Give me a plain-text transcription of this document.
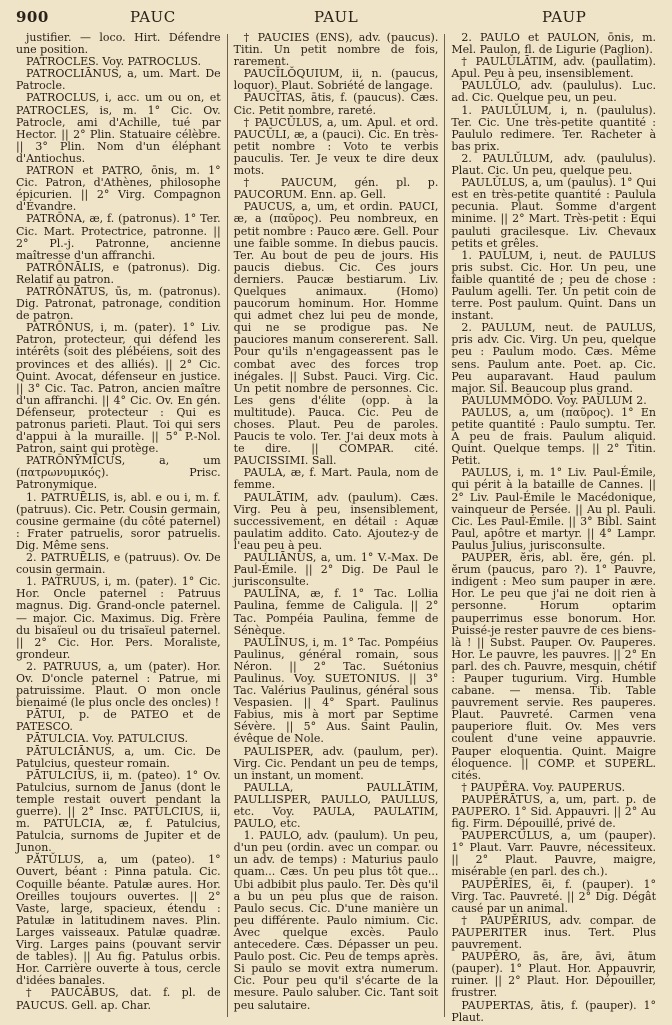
900	PAUC	PAUL	PAUP

justifier. — loco. Hirt. Défendre une position.

PATROCLES. Voy. PATROCLUS.

PATROCLIĀNUS, a, um. Mart. De Patrocle.

PATROCLUS, i, acc. um ou on, et PATROCLES, is, m. 1° Cic. Ov. Patrocle, ami d'Achille, tué par Hector. || 2° Plin. Statuaire célèbre. || 3° Plin. Nom d'un éléphant d'Antiochus.

PATRON et PATRO, ōnis, m. 1° Cic. Patron, d'Athènes, philosophe épicurien. || 2° Virg. Compagnon d'Évandre.

PATRŌNA, æ, f. (patronus). 1° Ter. Cic. Mart. Protectrice, patronne. || 2° Pl.-j. Patronne, ancienne maîtresse d'un affranchi.

PATRŌNĀLIS, e (patronus). Dig. Relatif au patron.

PATRŌNĀTUS, ūs, m. (patronus). Dig. Patronat, patronage, condition de patron.

PATRŌNUS, i, m. (pater). 1° Liv. Patron, protecteur, qui défend les intérêts (soit des plébéiens, soit des provinces et des alliés). || 2° Cic. Quint. Avocat, défenseur en justice. || 3° Cic. Tac. Patron, ancien maître d'un affranchi. || 4° Cic. Ov. En gén. Défenseur, protecteur : Qui es patronus parieti. Plaut. Toi qui sers d'appui à la muraille. || 5° P.-Nol. Patron, saint qui protège.

PATRŌNȲMĬCUS, a, um (πατρωνυμικός). Prisc. Patronymique.

1. PATRUĒLIS, is, abl. e ou i, m. f. (patruus). Cic. Petr. Cousin germain, cousine germaine (du côté paternel) : Frater patruelis, soror patruelis. Dig. Même sens.

2. PATRUĒLIS, e (patruus). Ov. De cousin germain.

1. PATRUUS, i, m. (pater). 1° Cic. Hor. Oncle paternel : Patruus magnus. Dig. Grand-oncle paternel. — major. Cic. Maximus. Dig. Frère du bisaïeul ou du trisaïeul paternel. || 2° Cic. Hor. Pers. Moraliste, grondeur.

2. PATRUUS, a, um (pater). Hor. Ov. D'oncle paternel : Patrue, mi patruissime. Plaut. O mon oncle bienaimé (le plus oncle des oncles) !

PĀTUI, p. de PATEO et de PATESCO.

PĀTULCIA. Voy. PATULCIUS.

PĀTULCIĀNUS, a, um. Cic. De Patulcius, questeur romain.

PĀTULCIUS, ii, m. (pateo). 1° Ov. Patulcius, surnom de Janus (dont le temple restait ouvert pendant la guerre). || 2° Insc. PATULCIUS, ii, m. PATULCIA, æ, f. Patulcius, Patulcia, surnoms de Jupiter et de Junon.

PĂTŬLUS, a, um (pateo). 1° Ouvert, béant : Pinna patula. Cic. Coquille béante. Patulæ aures. Hor. Oreilles toujours ouvertes. || 2° Vaste, large, spacieux, étendu : Patulæ in latitudinem naves. Plin. Larges vaisseaux. Patulæ quadræ. Virg. Larges pains (pouvant servir de tables). || Au fig. Patulus orbis. Hor. Carrière ouverte à tous, cercle d'idées banales.

† PAUCĀBUS, dat. f. pl. de PAUCUS. Gell. ap. Char.

† PAUCIES (ENS), adv. (paucus). Titin. Un petit nombre de fois, rarement.

PAUCĬLŎQUIUM, ii, n. (paucus, loquor). Plaut. Sobriété de langage.

PAUCĬTAS, ātis, f. (paucus). Cæs. Cic. Petit nombre, rareté.

† PAUCŬLUS, a, um. Apul. et ord. PAUCŬLI, æ, a (pauci). Cic. En très-petit nombre : Voto te verbis pauculis. Ter. Je veux te dire deux mots.

† PAUCUM, gén. pl. p. PAUCORUM. Enn. ap. Gell.

PAUCUS, a, um, et ordin. PAUCI, æ, a (παῦρος). Peu nombreux, en petit nombre : Pauco ære. Gell. Pour une faible somme. In diebus paucis. Ter. Au bout de peu de jours. His paucis diebus. Cic. Ces jours derniers. Paucæ bestiarum. Liv. Quelques animaux. (Homo) paucorum hominum. Hor. Homme qui admet chez lui peu de monde, qui ne se prodigue pas. Ne pauciores manum consererent. Sall. Pour qu'ils n'engageassent pas le combat avec des forces trop inégales. || Subst. Pauci. Virg. Cic. Un petit nombre de personnes. Cic. Les gens d'élite (opp. à la multitude). Pauca. Cic. Peu de choses. Plaut. Peu de paroles. Paucis te volo. Ter. J'ai deux mots à te dire. || COMPAR. cité. PAUCISSIMI. Sall.

PAULA, æ, f. Mart. Paula, nom de femme.

PAULĀTIM, adv. (paulum). Cæs. Virg. Peu à peu, insensiblement, successivement, en détail : Aquæ paulatim addito. Cato. Ajoutez-y de l'eau peu à peu.

PAULIĀNUS, a, um. 1° V.-Max. De Paul-Émile. || 2° Dig. De Paul le jurisconsulte.

PAULĪNA, æ, f. 1° Tac. Lollia Paulina, femme de Caligula. || 2° Tac. Pompéia Paulina, femme de Sénèque.

PAULĪNUS, i, m. 1° Tac. Pompéius Paulinus, général romain, sous Néron. || 2° Tac. Suétonius Paulinus. Voy. SUETONIUS. || 3° Tac. Valérius Paulinus, général sous Vespasien. || 4° Spart. Paulinus Fabius, mis à mort par Septime Sévère. || 5° Aus. Saint Paulin, évêque de Nole.

PAULISPER, adv. (paulum, per). Virg. Cic. Pendant un peu de temps, un instant, un moment.

PAULLA, PAULLĀTIM, PAULLISPER, PAULLO, PAULLUS, etc. Voy. PAULA, PAULATIM, PAULO, etc.

1. PAULO, adv. (paulum). Un peu, d'un peu (ordin. avec un compar. ou un adv. de temps) : Maturius paulo quam... Cæs. Un peu plus tôt que... Ubi adbibit plus paulo. Ter. Dès qu'il a bu un peu plus que de raison. Paulo secus. Cic. D'une manière un peu différente. Paulo nimium. Cic. Avec quelque excès. Paulo antecedere. Cæs. Dépasser un peu. Paulo post. Cic. Peu de temps après. Si paulo se movit extra numerum. Cic. Pour peu qu'il s'écarte de la mesure. Paulo saluber. Cic. Tant soit peu salutaire.

2. PAULO et PAULON, ōnis, m. Mel. Paulon, fl. de Ligurie (Paglion).

† PAULŬLĀTIM, adv. (paullatim). Apul. Peu à peu, insensiblement.

PAULŬLO, adv. (paululus). Luc. ad. Cic. Quelque peu, un peu.

1. PAULŬLUM, i, n. (paululus). Ter. Cic. Une très-petite quantité : Paululo redimere. Ter. Racheter à bas prix.

2. PAULŬLUM, adv. (paululus). Plaut. Cic. Un peu, quelque peu.

PAULŬLUS, a, um (paulus). 1° Qui est en très-petite quantité : Paulula pecunia. Plaut. Somme d'argent minime. || 2° Mart. Très-petit : Equi pauluti gracilesque. Liv. Chevaux petits et grêles.

1. PAULUM, i, neut. de PAULUS pris subst. Cic. Hor. Un peu, une faible quantité de ; peu de chose : Paulum agelli. Ter. Un petit coin de terre. Post paulum. Quint. Dans un instant.

2. PAULUM, neut. de PAULUS, pris adv. Cic. Virg. Un peu, quelque peu : Paulum modo. Cæs. Même sens. Paulum ante. Poet. ap. Cic. Peu auparavant. Haud paulum major. Sil. Beaucoup plus grand.

PAULUMMŎDO. Voy. PAULUM 2.

PAULUS, a, um (παῦρος). 1° En petite quantité : Paulo sumptu. Ter. A peu de frais. Paulum aliquid. Quint. Quelque temps. || 2° Titin. Petit.

PAULUS, i, m. 1° Liv. Paul-Émile, qui périt à la bataille de Cannes. || 2° Liv. Paul-Émile le Macédonique, vainqueur de Persée. || Au pl. Pauli. Cic. Les Paul-Émile. || 3° Bibl. Saint Paul, apôtre et martyr. || 4° Lampr. Paulus Julius, jurisconsulte.

PAUPER, ĕris, abl. ĕre, gén. pl. ĕrum (paucus, paro ?). 1° Pauvre, indigent : Meo sum pauper in ære. Hor. Le peu que j'ai ne doit rien à personne. Horum optarim pauperrimus esse bonorum. Hor. Puissé-je rester pauvre de ces biens-là ! || Subst. Pauper. Ov. Pauperes. Hor. Le pauvre, les pauvres. || 2° En parl. des ch. Pauvre, mesquin, chétif : Pauper tugurium. Virg. Humble cabane. — mensa. Tib. Table pauvrement servie. Res pauperes. Plaut. Pauvreté. Carmen vena pauperiore fluit. Ov. Mes vers coulent d'une veine appauvrie. Pauper eloquentia. Quint. Maigre éloquence. || COMP. et SUPERL. cités.

† PAUPĔRA. Voy. PAUPERUS.

PAUPĔRĀTUS, a, um, part. p. de PAUPERO. 1° Sid. Appauvri. || 2° Au fig. Firm. Dépouillé, privé de.

PAUPERCŬLUS, a, um (pauper). 1° Plaut. Varr. Pauvre, nécessiteux. || 2° Plaut. Pauvre, maigre, misérable (en parl. des ch.).

PAUPĔRĬES, ēi, f. (pauper). 1° Virg. Tac. Pauvreté. || 2° Dig. Dégât causé par un animal.

† PAUPĔRIUS, adv. compar. de PAUPERITER inus. Tert. Plus pauvrement.

PAUPĔRO, ās, āre, āvi, ātum (pauper). 1° Plaut. Hor. Appauvrir, ruiner. || 2° Plaut. Hor. Dépouiller, frustrer.

PAUPERTAS, ātis, f. (pauper). 1° Plaut.
